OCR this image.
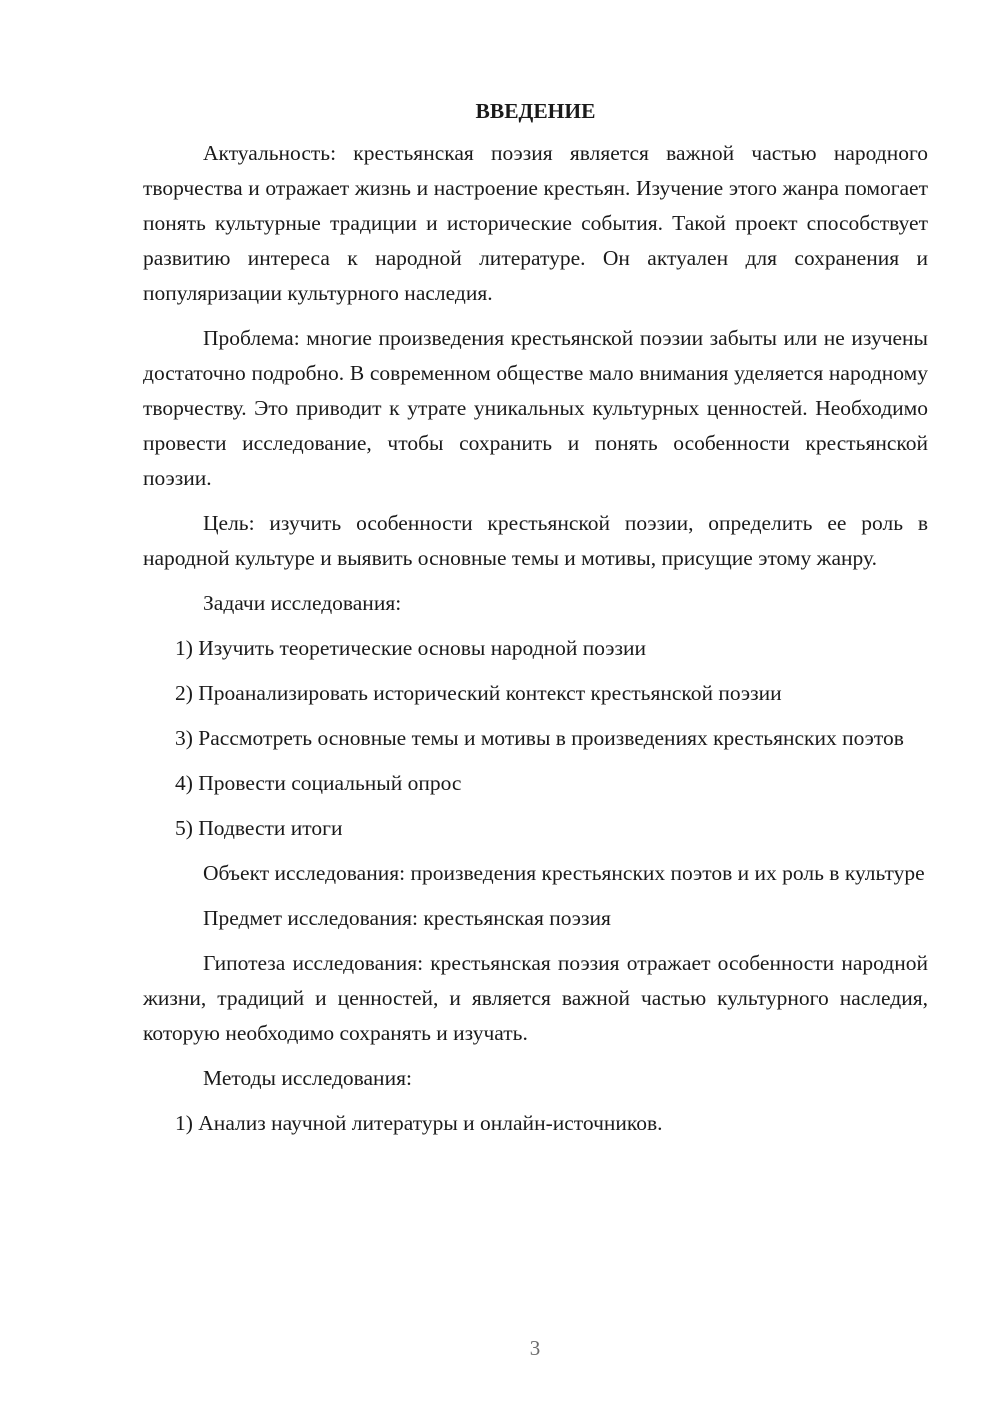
ВВЕДЕНИЕ

Актуальность: крестьянская поэзия является важной частью народного творчества и отражает жизнь и настроение крестьян. Изучение этого жанра помогает понять культурные традиции и исторические события. Такой проект способствует развитию интереса к народной литературе. Он актуален для сохранения и популяризации культурного наследия.

Проблема: многие произведения крестьянской поэзии забыты или не изучены достаточно подробно. В современном обществе мало внимания уделяется народному творчеству. Это приводит к утрате уникальных культурных ценностей. Необходимо провести исследование, чтобы сохранить и понять особенности крестьянской поэзии.

Цель: изучить особенности крестьянской поэзии, определить ее роль в народной культуре и выявить основные темы и мотивы, присущие этому жанру.

Задачи исследования:

1) Изучить теоретические основы народной поэзии

2) Проанализировать исторический контекст крестьянской поэзии

3) Рассмотреть основные темы и мотивы в произведениях крестьянских поэтов

4) Провести социальный опрос

5) Подвести итоги

Объект исследования: произведения крестьянских поэтов и их роль в культуре

Предмет исследования: крестьянская поэзия

Гипотеза исследования: крестьянская поэзия отражает особенности народной жизни, традиций и ценностей, и является важной частью культурного наследия, которую необходимо сохранять и изучать.

Методы исследования:

1) Анализ научной литературы и онлайн-источников.

3
